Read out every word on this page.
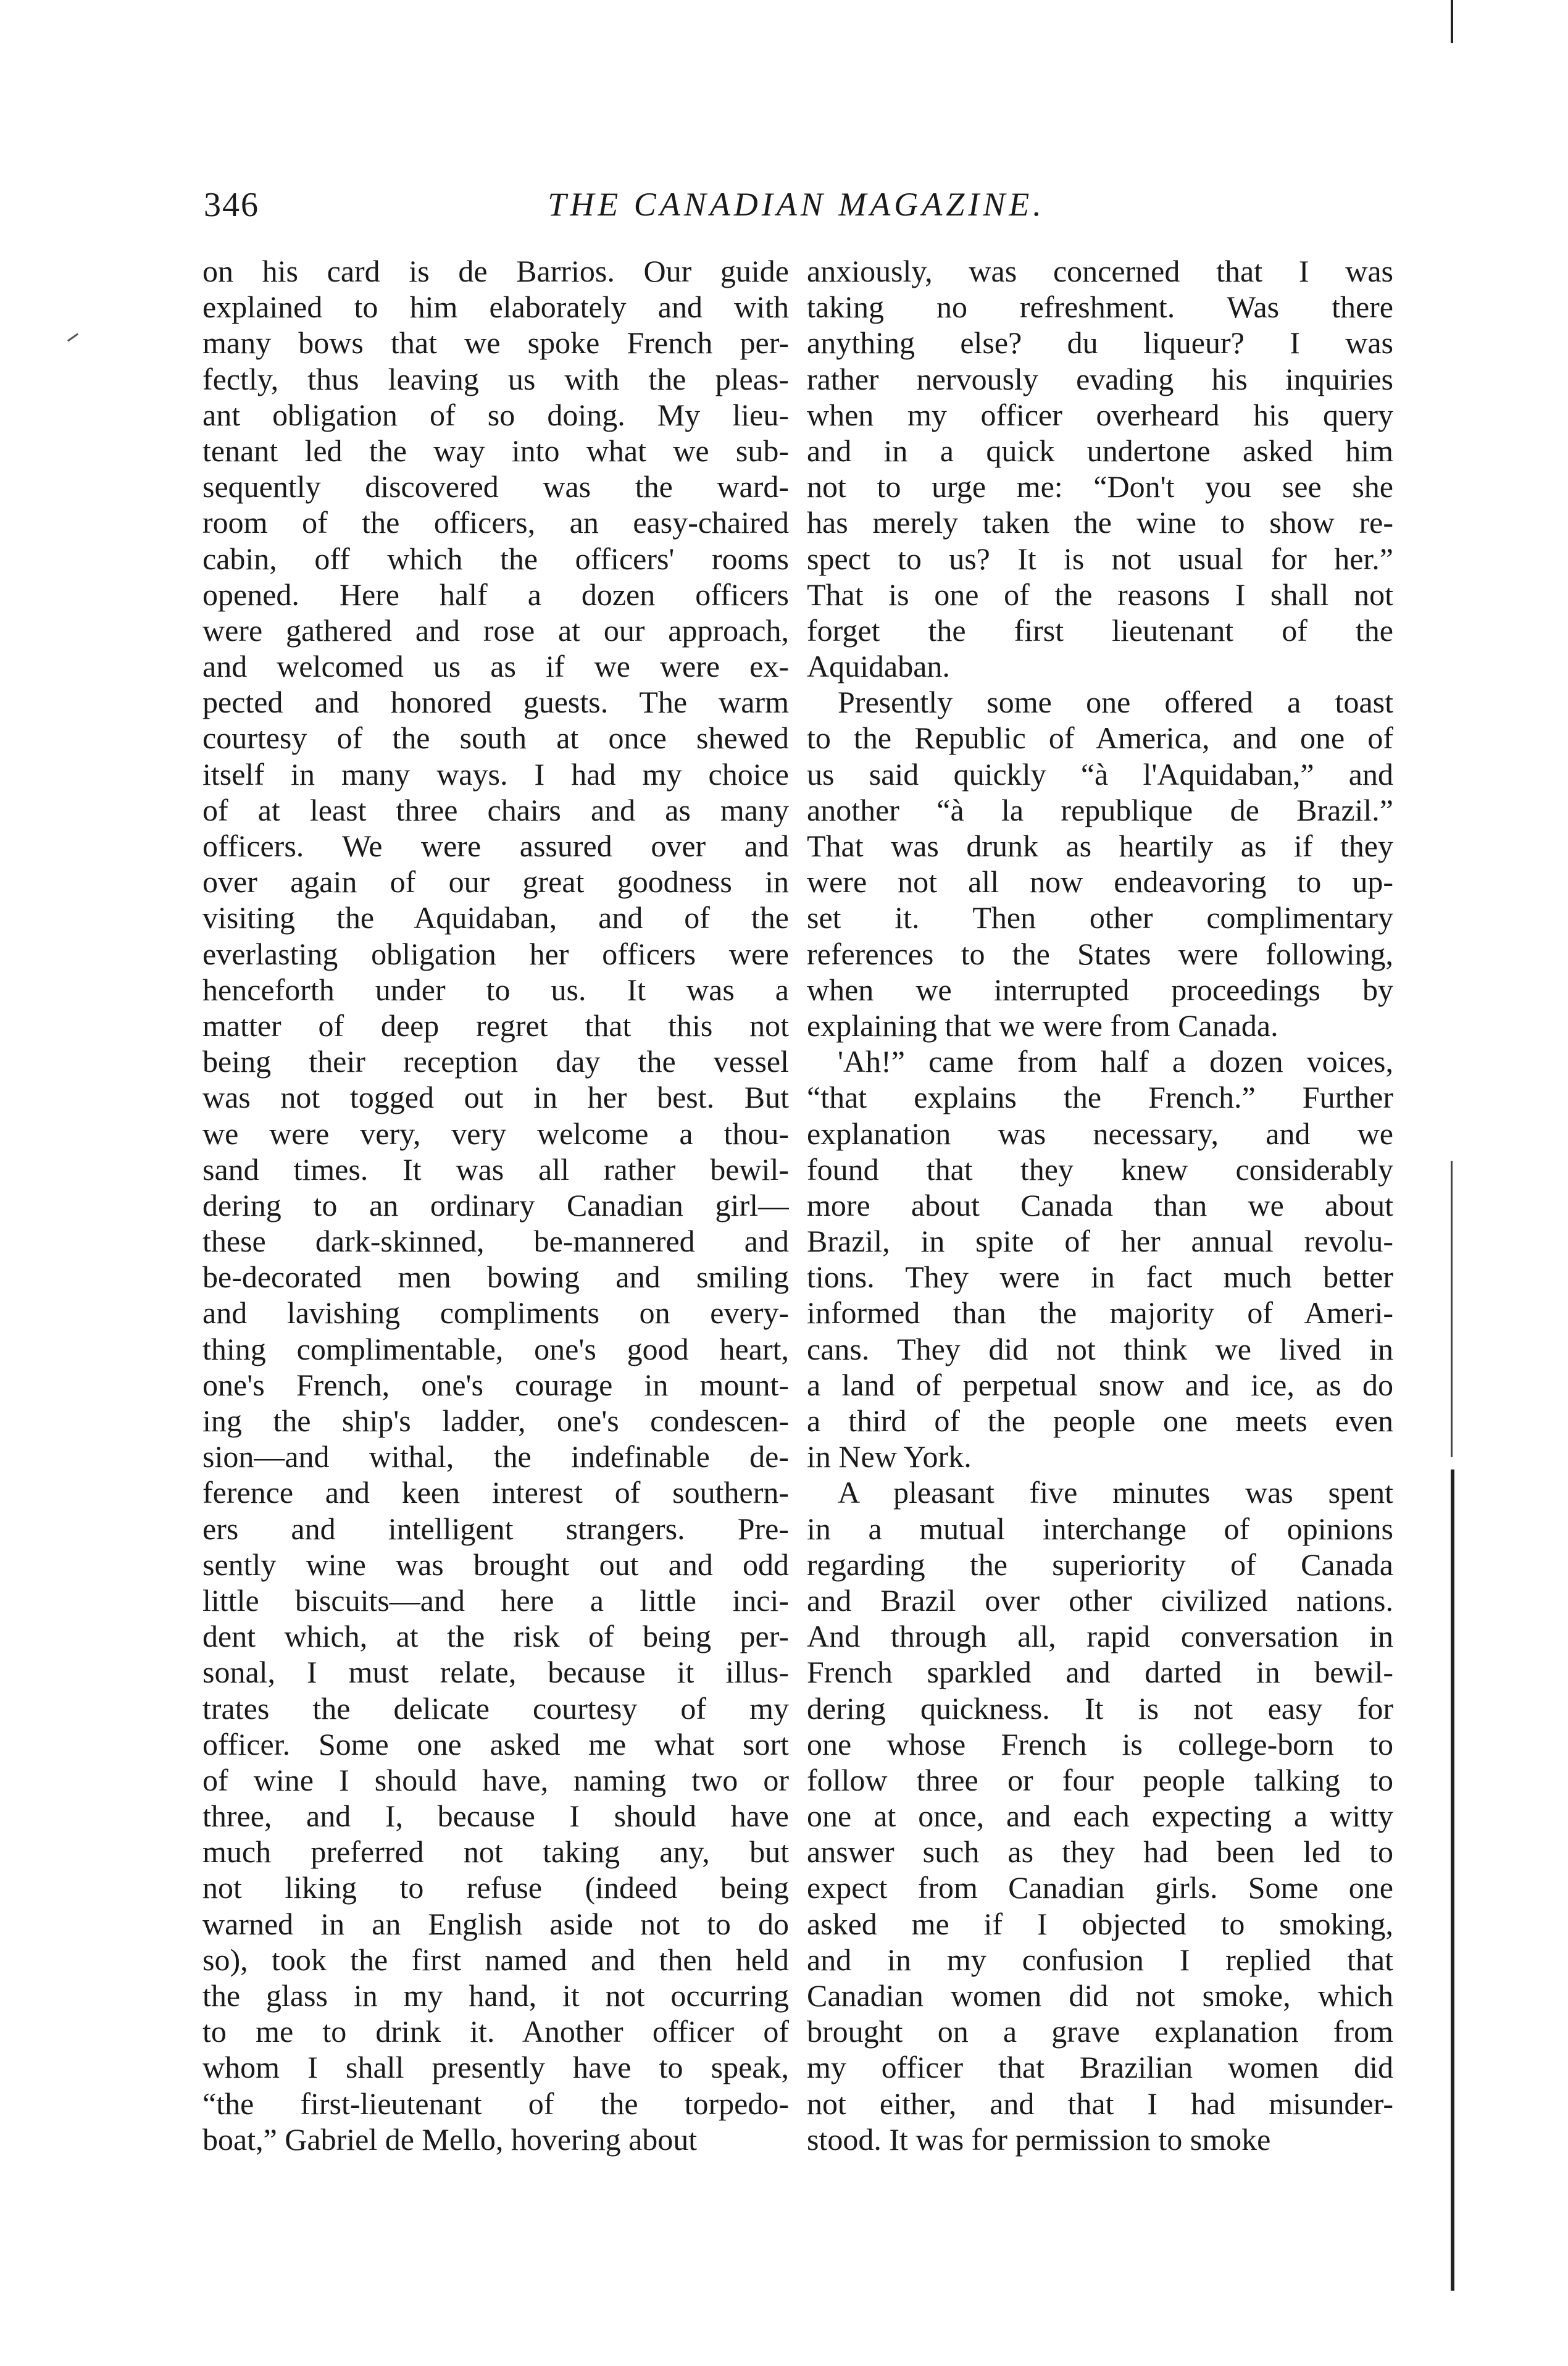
346	THE CANADIAN MAGAZINE.
on his card is de Barrios. Our guide
explained to him elaborately and with
many bows that we spoke French per-
fectly, thus leaving us with the pleas-
ant obligation of so doing. My lieu-
tenant led the way into what we sub-
sequently discovered was the ward-
room of the officers, an easy-chaired
cabin, off which the officers' rooms
opened. Here half a dozen officers
were gathered and rose at our approach,
and welcomed us as if we were ex-
pected and honored guests. The warm
courtesy of the south at once shewed
itself in many ways. I had my choice
of at least three chairs and as many
officers. We were assured over and
over again of our great goodness in
visiting the Aquidaban, and of the
everlasting obligation her officers were
henceforth under to us. It was a
matter of deep regret that this not
being their reception day the vessel
was not togged out in her best. But
we were very, very welcome a thou-
sand times. It was all rather bewil-
dering to an ordinary Canadian girl—
these dark-skinned, be-mannered and
be-decorated men bowing and smiling
and lavishing compliments on every-
thing complimentable, one's good heart,
one's French, one's courage in mount-
ing the ship's ladder, one's condescen-
sion—and withal, the indefinable de-
ference and keen interest of southern-
ers and intelligent strangers. Pre-
sently wine was brought out and odd
little biscuits—and here a little inci-
dent which, at the risk of being per-
sonal, I must relate, because it illus-
trates the delicate courtesy of my
officer. Some one asked me what sort
of wine I should have, naming two or
three, and I, because I should have
much preferred not taking any, but
not liking to refuse (indeed being
warned in an English aside not to do
so), took the first named and then held
the glass in my hand, it not occurring
to me to drink it. Another officer of
whom I shall presently have to speak,
“the first-lieutenant of the torpedo-
boat,” Gabriel de Mello, hovering about
anxiously, was concerned that I was
taking no refreshment. Was there
anything else? du liqueur? I was
rather nervously evading his inquiries
when my officer overheard his query
and in a quick undertone asked him
not to urge me: “Don't you see she
has merely taken the wine to show re-
spect to us? It is not usual for her.”
That is one of the reasons I shall not
forget the first lieutenant of the
Aquidaban.
Presently some one offered a toast
to the Republic of America, and one of
us said quickly “à l'Aquidaban,” and
another “à la republique de Brazil.”
That was drunk as heartily as if they
were not all now endeavoring to up-
set it. Then other complimentary
references to the States were following,
when we interrupted proceedings by
explaining that we were from Canada.
'Ah!” came from half a dozen voices,
“that explains the French.” Further
explanation was necessary, and we
found that they knew considerably
more about Canada than we about
Brazil, in spite of her annual revolu-
tions. They were in fact much better
informed than the majority of Ameri-
cans. They did not think we lived in
a land of perpetual snow and ice, as do
a third of the people one meets even
in New York.
A pleasant five minutes was spent
in a mutual interchange of opinions
regarding the superiority of Canada
and Brazil over other civilized nations.
And through all, rapid conversation in
French sparkled and darted in bewil-
dering quickness. It is not easy for
one whose French is college-born to
follow three or four people talking to
one at once, and each expecting a witty
answer such as they had been led to
expect from Canadian girls. Some one
asked me if I objected to smoking,
and in my confusion I replied that
Canadian women did not smoke, which
brought on a grave explanation from
my officer that Brazilian women did
not either, and that I had misunder-
stood. It was for permission to smoke
